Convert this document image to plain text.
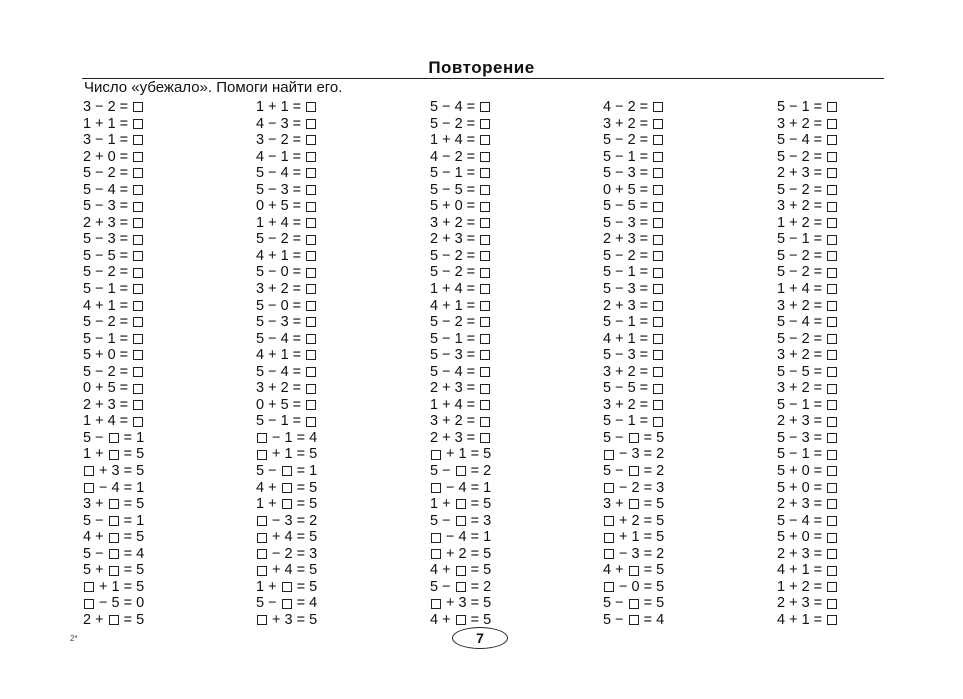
Повторение
Число «убежало». Помоги найти его.
3 − 2 =
1 + 1 =
3 − 1 =
2 + 0 =
5 − 2 =
5 − 4 =
5 − 3 =
2 + 3 =
5 − 3 =
5 − 5 =
5 − 2 =
5 − 1 =
4 + 1 =
5 − 2 =
5 − 1 =
5 + 0 =
5 − 2 =
0 + 5 =
2 + 3 =
1 + 4 =
5 −  = 1
1 +  = 5
+ 3 = 5
− 4 = 1
3 +  = 5
5 −  = 1
4 +  = 5
5 −  = 4
5 +  = 5
+ 1 = 5
− 5 = 0
2 +  = 5
1 + 1 =
4 − 3 =
3 − 2 =
4 − 1 =
5 − 4 =
5 − 3 =
0 + 5 =
1 + 4 =
5 − 2 =
4 + 1 =
5 − 0 =
3 + 2 =
5 − 0 =
5 − 3 =
5 − 4 =
4 + 1 =
5 − 4 =
3 + 2 =
0 + 5 =
5 − 1 =
− 1 = 4
+ 1 = 5
5 −  = 1
4 +  = 5
1 +  = 5
− 3 = 2
+ 4 = 5
− 2 = 3
+ 4 = 5
1 +  = 5
5 −  = 4
+ 3 = 5
5 − 4 =
5 − 2 =
1 + 4 =
4 − 2 =
5 − 1 =
5 − 5 =
5 + 0 =
3 + 2 =
2 + 3 =
5 − 2 =
5 − 2 =
1 + 4 =
4 + 1 =
5 − 2 =
5 − 1 =
5 − 3 =
5 − 4 =
2 + 3 =
1 + 4 =
3 + 2 =
2 + 3 =
+ 1 = 5
5 −  = 2
− 4 = 1
1 +  = 5
5 −  = 3
− 4 = 1
+ 2 = 5
4 +  = 5
5 −  = 2
+ 3 = 5
4 +  = 5
4 − 2 =
3 + 2 =
5 − 2 =
5 − 1 =
5 − 3 =
0 + 5 =
5 − 5 =
5 − 3 =
2 + 3 =
5 − 2 =
5 − 1 =
5 − 3 =
2 + 3 =
5 − 1 =
4 + 1 =
5 − 3 =
3 + 2 =
5 − 5 =
3 + 2 =
5 − 1 =
5 −  = 5
− 3 = 2
5 −  = 2
− 2 = 3
3 +  = 5
+ 2 = 5
+ 1 = 5
− 3 = 2
4 +  = 5
− 0 = 5
5 −  = 5
5 −  = 4
5 − 1 =
3 + 2 =
5 − 4 =
5 − 2 =
2 + 3 =
5 − 2 =
3 + 2 =
1 + 2 =
5 − 1 =
5 − 2 =
5 − 2 =
1 + 4 =
3 + 2 =
5 − 4 =
5 − 2 =
3 + 2 =
5 − 5 =
3 + 2 =
5 − 1 =
2 + 3 =
5 − 3 =
5 − 1 =
5 + 0 =
5 + 0 =
2 + 3 =
5 − 4 =
5 + 0 =
2 + 3 =
4 + 1 =
1 + 2 =
2 + 3 =
4 + 1 =
2*	7
